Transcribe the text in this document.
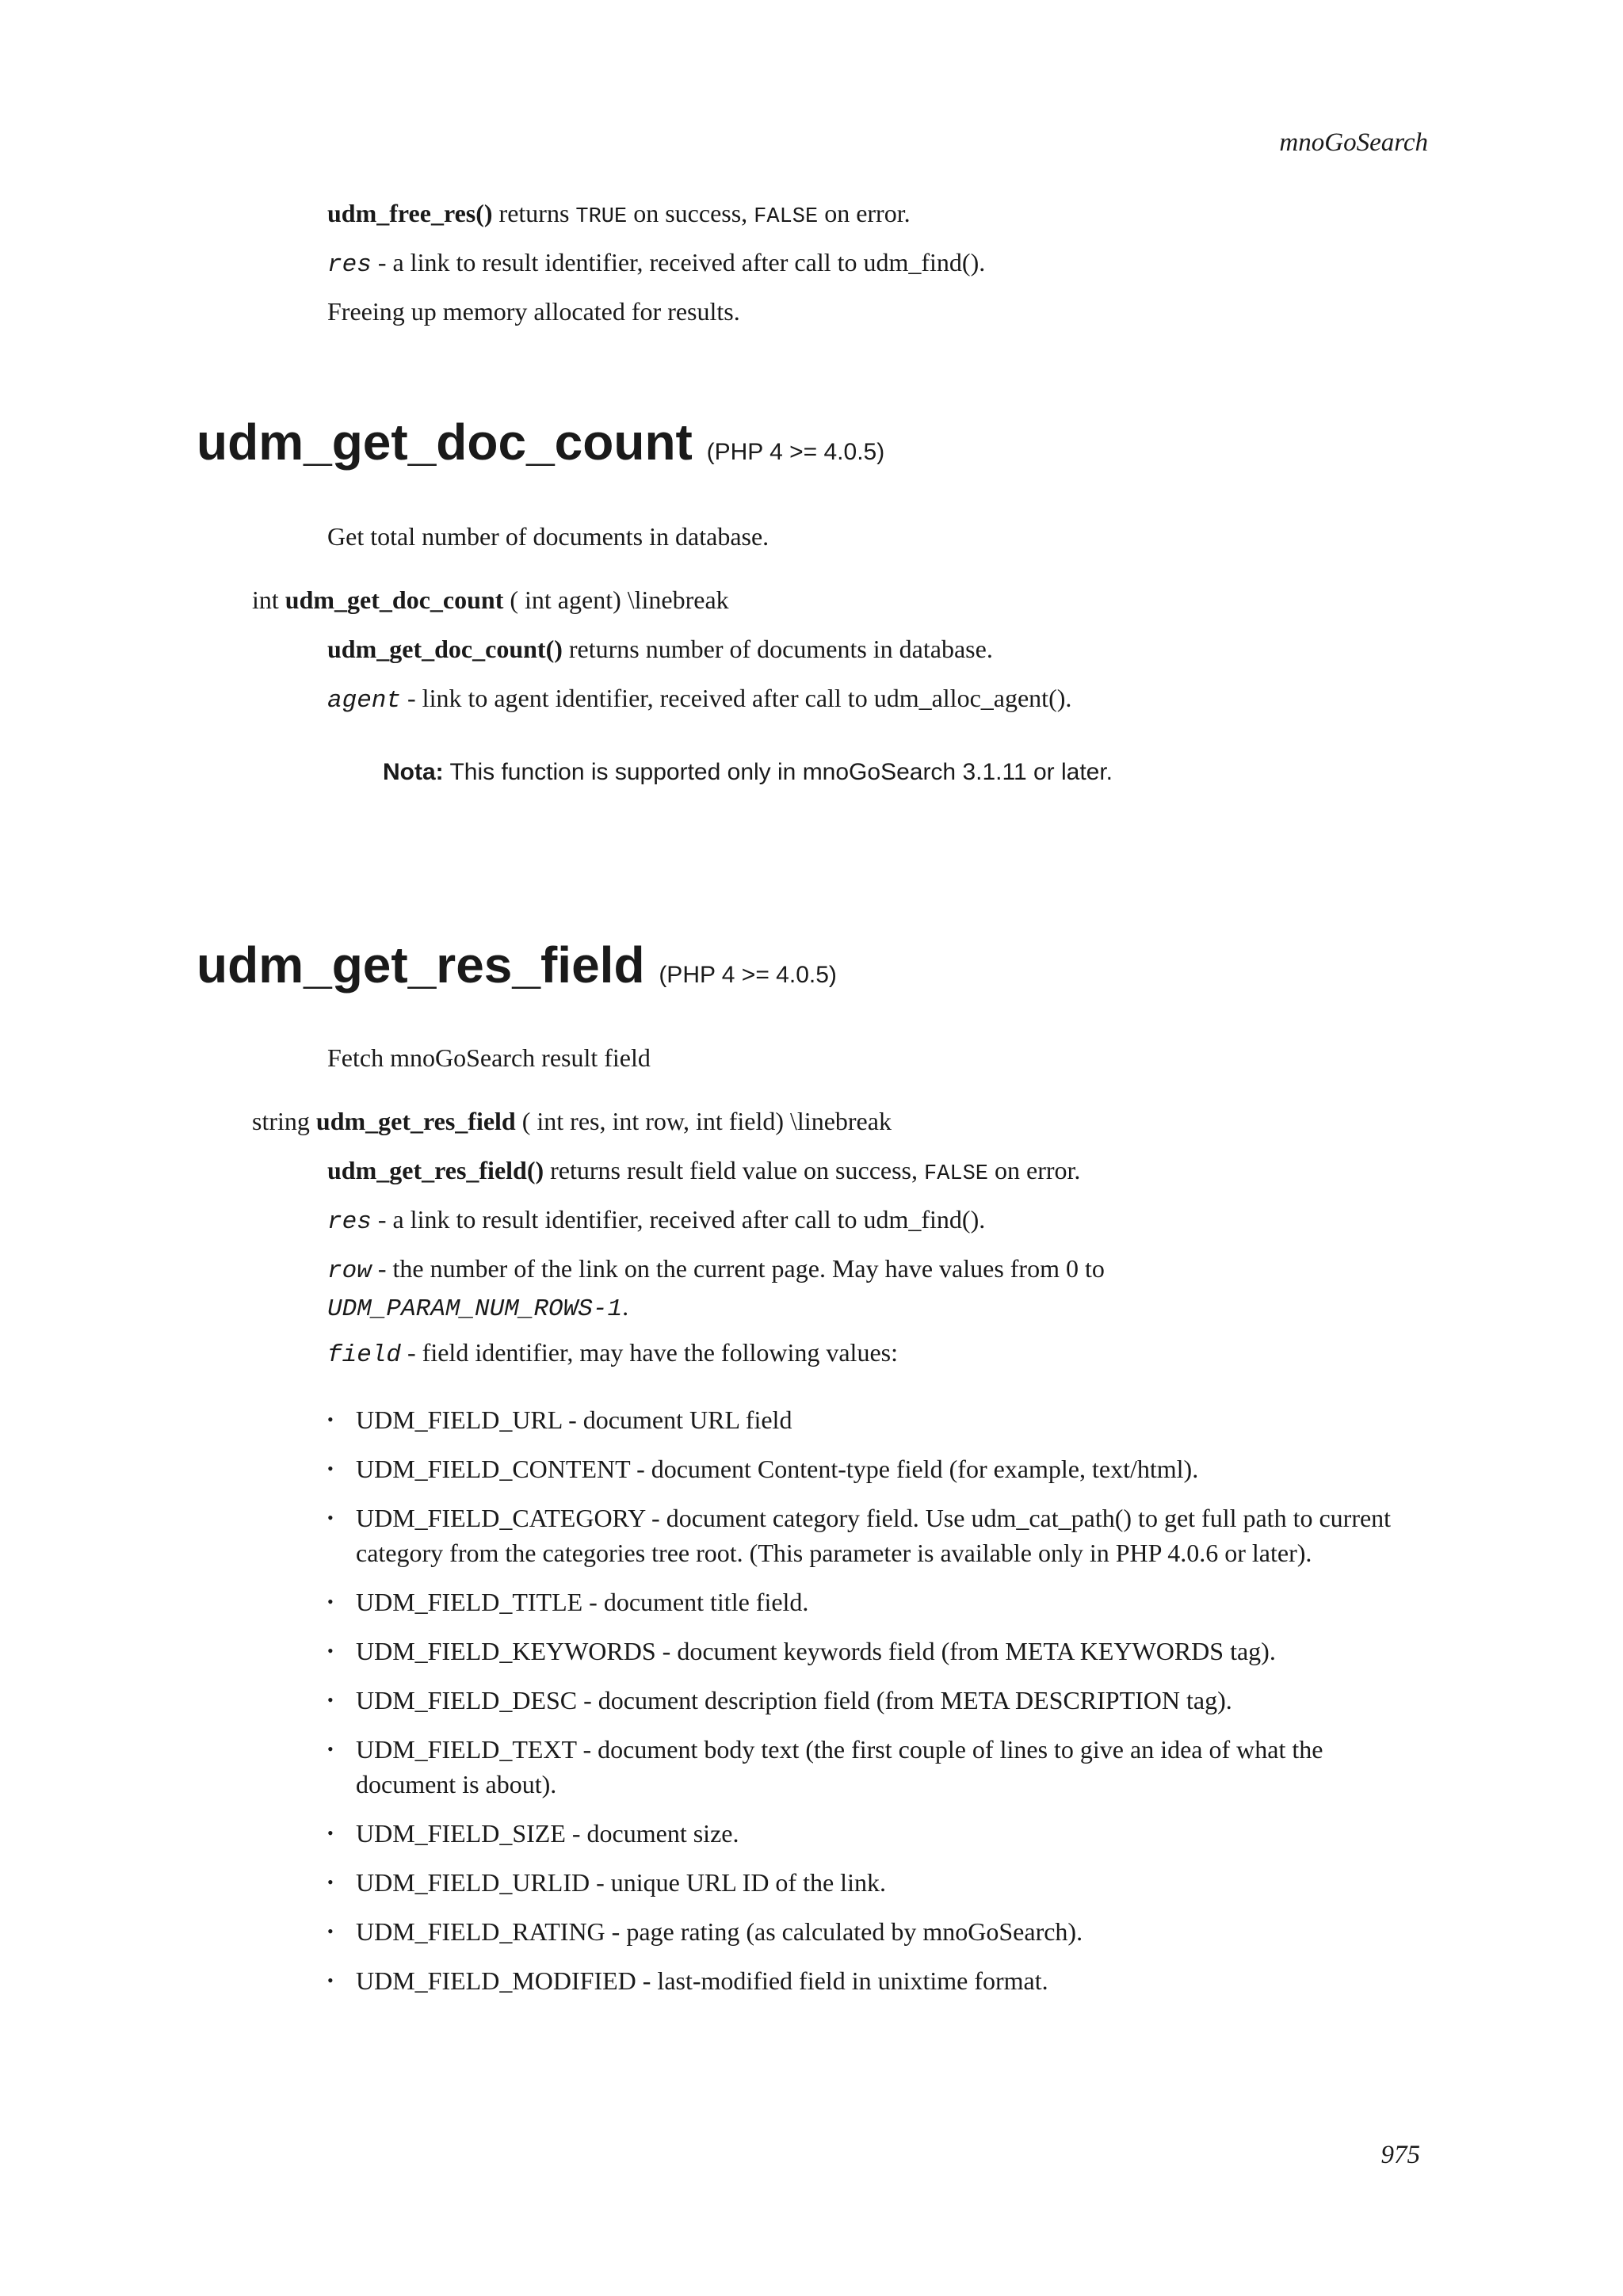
mnoGoSearch

udm_free_res() returns TRUE on success, FALSE on error.

res - a link to result identifier, received after call to udm_find().

Freeing up memory allocated for results.

udm_get_doc_count (PHP 4 >= 4.0.5)

Get total number of documents in database.

int udm_get_doc_count ( int agent) \linebreak

udm_get_doc_count() returns number of documents in database.

agent - link to agent identifier, received after call to udm_alloc_agent().

Nota: This function is supported only in mnoGoSearch 3.1.11 or later.

udm_get_res_field (PHP 4 >= 4.0.5)

Fetch mnoGoSearch result field

string udm_get_res_field ( int res, int row, int field) \linebreak

udm_get_res_field() returns result field value on success, FALSE on error.

res - a link to result identifier, received after call to udm_find().

row - the number of the link on the current page. May have values from 0 to
UDM_PARAM_NUM_ROWS-1.

field - field identifier, may have the following values:

• UDM_FIELD_URL - document URL field
• UDM_FIELD_CONTENT - document Content-type field (for example, text/html).
• UDM_FIELD_CATEGORY - document category field. Use udm_cat_path() to get full path to current category from the categories tree root. (This parameter is available only in PHP 4.0.6 or later).
• UDM_FIELD_TITLE - document title field.
• UDM_FIELD_KEYWORDS - document keywords field (from META KEYWORDS tag).
• UDM_FIELD_DESC - document description field (from META DESCRIPTION tag).
• UDM_FIELD_TEXT - document body text (the first couple of lines to give an idea of what the document is about).
• UDM_FIELD_SIZE - document size.
• UDM_FIELD_URLID - unique URL ID of the link.
• UDM_FIELD_RATING - page rating (as calculated by mnoGoSearch).
• UDM_FIELD_MODIFIED - last-modified field in unixtime format.
975
